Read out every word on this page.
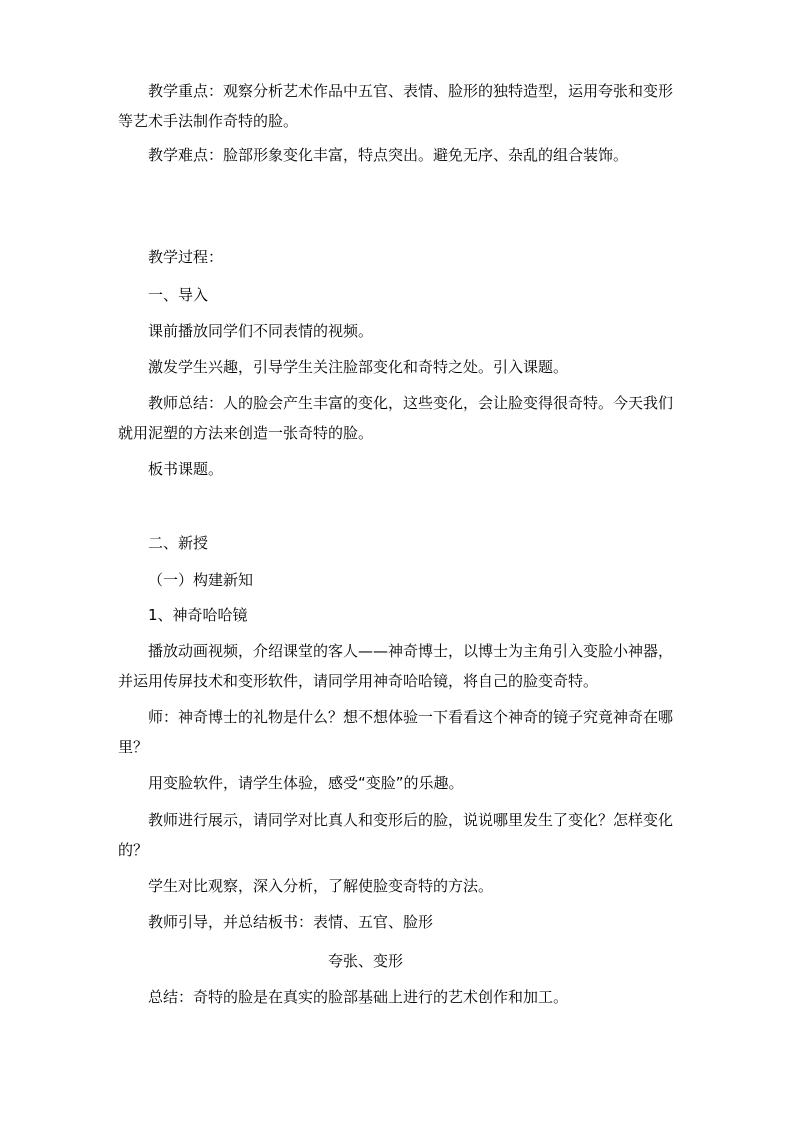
教学重点：观察分析艺术作品中五官、表情、脸形的独特造型，运用夸张和变形等艺术手法制作奇特的脸。
教学难点：脸部形象变化丰富，特点突出。避免无序、杂乱的组合装饰。
教学过程：
一、导入
课前播放同学们不同表情的视频。
激发学生兴趣，引导学生关注脸部变化和奇特之处。引入课题。
教师总结：人的脸会产生丰富的变化，这些变化，会让脸变得很奇特。今天我们就用泥塑的方法来创造一张奇特的脸。
板书课题。
二、新授
（一）构建新知
1、神奇哈哈镜
播放动画视频，介绍课堂的客人——神奇博士，以博士为主角引入变脸小神器，并运用传屏技术和变形软件，请同学用神奇哈哈镜，将自己的脸变奇特。
师：神奇博士的礼物是什么？想不想体验一下看看这个神奇的镜子究竟神奇在哪里？
用变脸软件，请学生体验，感受“变脸”的乐趣。
教师进行展示，请同学对比真人和变形后的脸，说说哪里发生了变化？怎样变化的？
学生对比观察，深入分析，了解使脸变奇特的方法。
教师引导，并总结板书：表情、五官、脸形
夸张、变形
总结：奇特的脸是在真实的脸部基础上进行的艺术创作和加工。
